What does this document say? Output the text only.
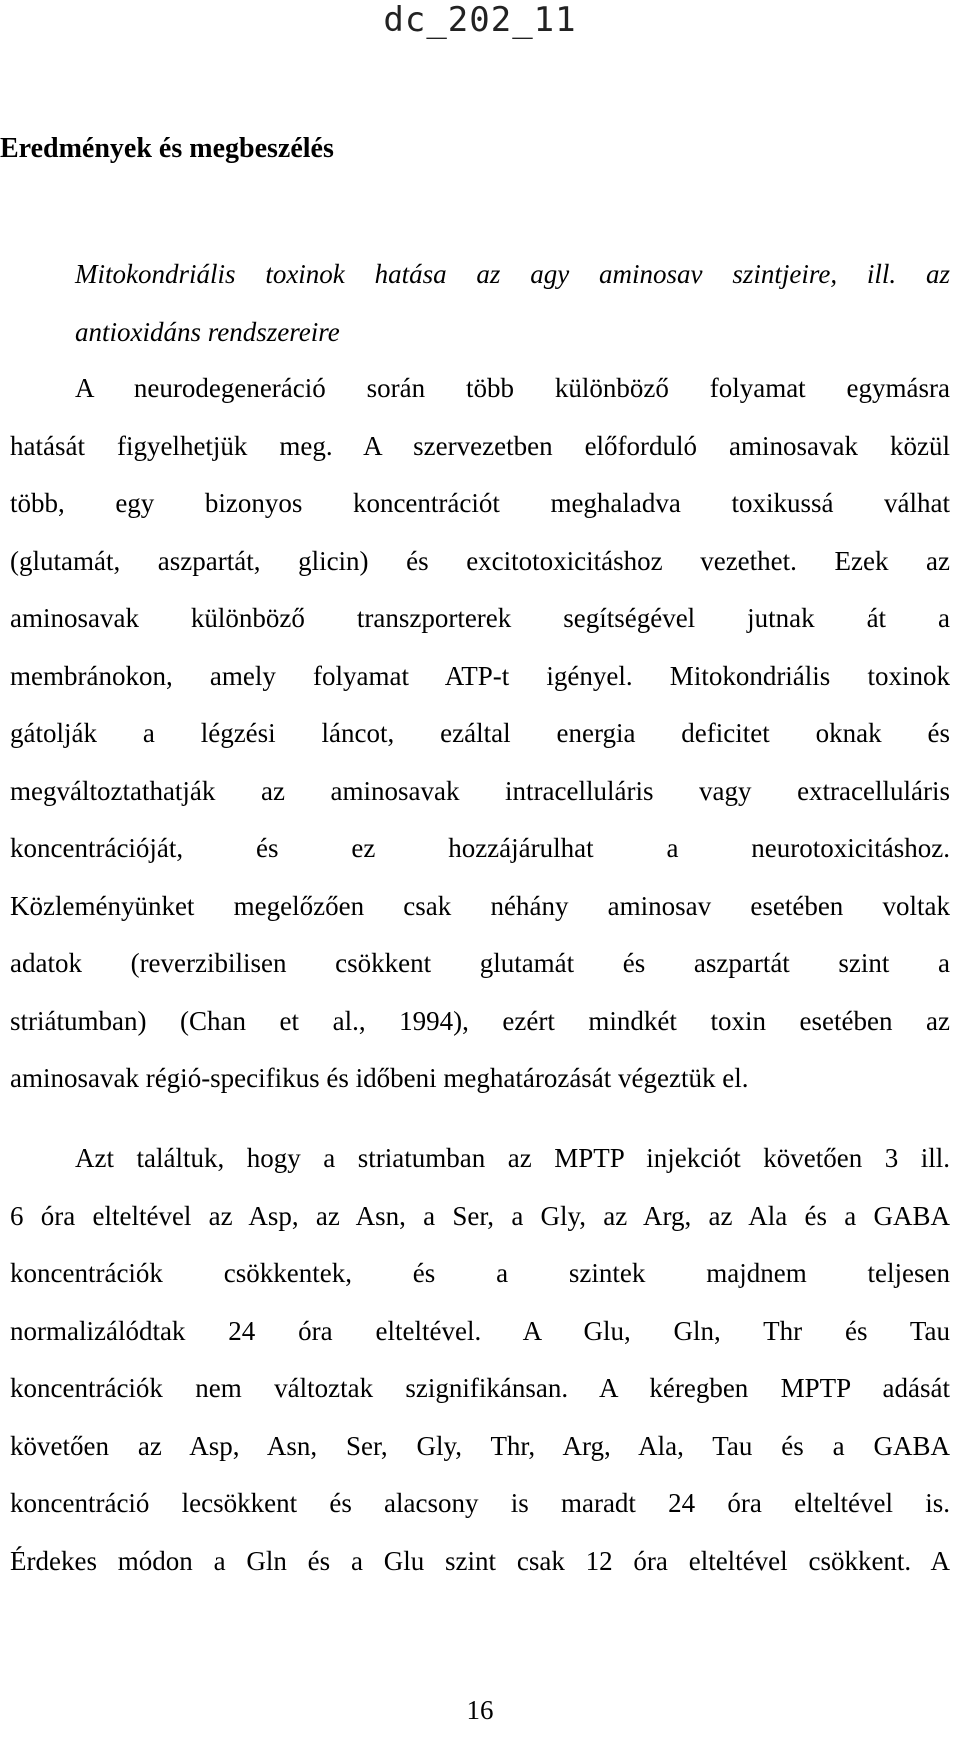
dc_202_11
Eredmények és megbeszélés
Mitokondriális toxinok hatása az agy aminosav szintjeire, ill. az
antioxidáns rendszereire
A neurodegeneráció során több különböző folyamat egymásra
hatását figyelhetjük meg. A szervezetben előforduló aminosavak közül
több, egy bizonyos koncentrációt meghaladva toxikussá válhat
(glutamát, aszpartát, glicin) és excitotoxicitáshoz vezethet. Ezek az
aminosavak különböző transzporterek segítségével jutnak át a
membránokon, amely folyamat ATP-t igényel. Mitokondriális toxinok
gátolják a légzési láncot, ezáltal energia deficitet oknak és
megváltoztathatják az aminosavak intracelluláris vagy extracelluláris
koncentrációját, és ez hozzájárulhat a neurotoxicitáshoz.
Közleményünket megelőzően csak néhány aminosav esetében voltak
adatok (reverzibilisen csökkent glutamát és aszpartát szint a
striátumban) (Chan et al., 1994), ezért mindkét toxin esetében az
aminosavak régió-specifikus és időbeni meghatározását végeztük el.
Azt találtuk, hogy a striatumban az MPTP injekciót követően 3 ill.
6 óra elteltével az Asp, az Asn, a Ser, a Gly, az Arg, az Ala és a GABA
koncentrációk csökkentek, és a szintek majdnem teljesen
normalizálódtak 24 óra elteltével. A Glu, Gln, Thr és Tau
koncentrációk nem változtak szignifikánsan. A kéregben MPTP adását
követően az Asp, Asn, Ser, Gly, Thr, Arg, Ala, Tau és a GABA
koncentráció lecsökkent és alacsony is maradt 24 óra elteltével is.
Érdekes módon a Gln és a Glu szint csak 12 óra elteltével csökkent. A
16
